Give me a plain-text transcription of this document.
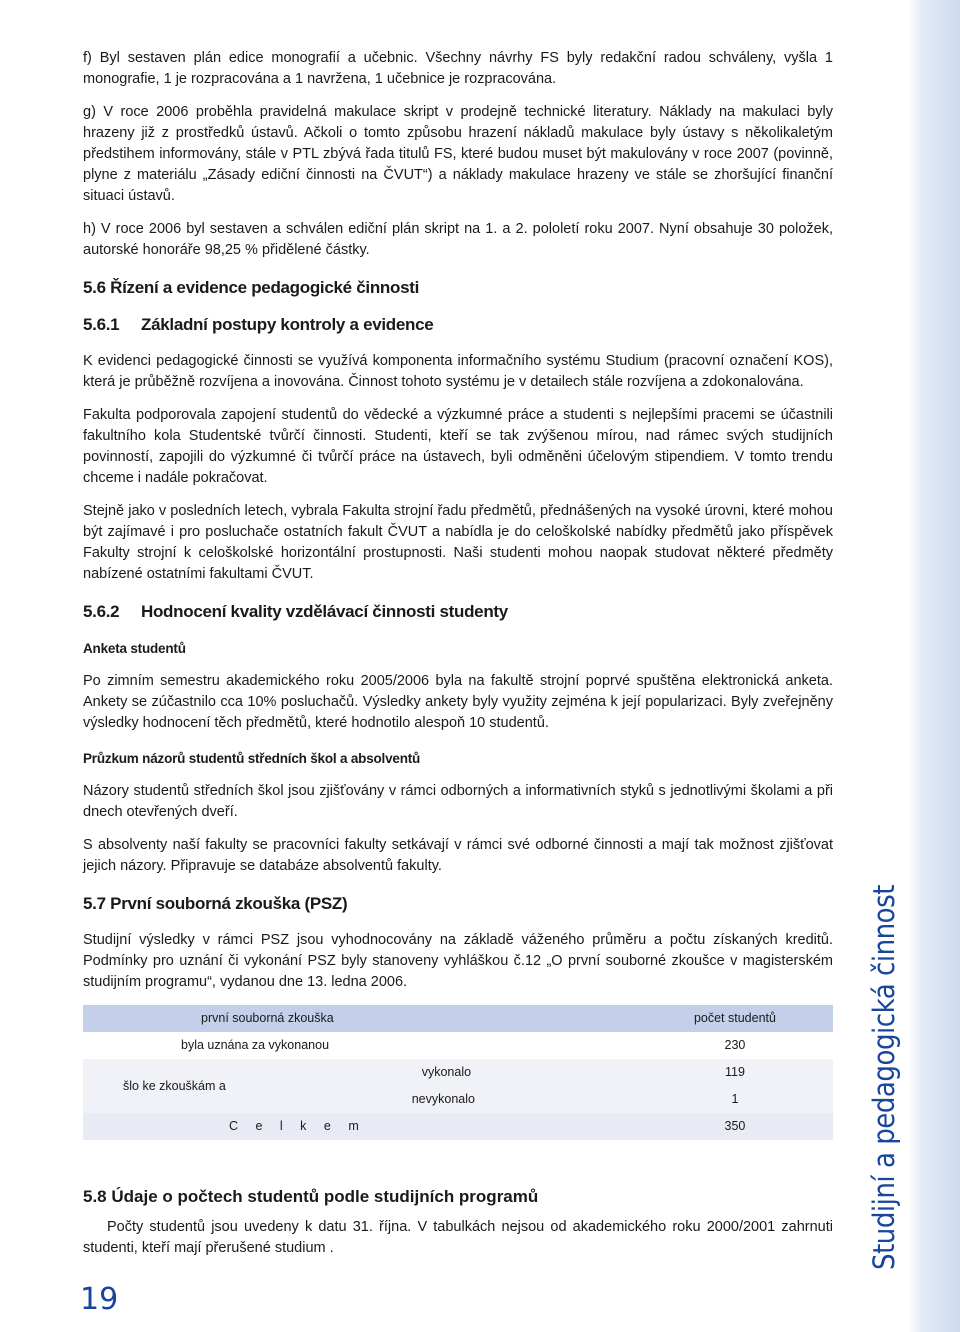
Studijní a pedagogická činnost
19

f) Byl sestaven plán edice monografií a učebnic. Všechny návrhy FS byly redakční radou schváleny, vyšla 1 monografie, 1 je rozpracována a 1 navržena, 1 učebnice je rozpracována.

g) V roce 2006 proběhla pravidelná makulace skript v prodejně technické literatury. Náklady na makulaci byly hrazeny již z prostředků ústavů. Ačkoli o tomto způsobu hrazení nákladů makulace byly ústavy s několikaletým předstihem informovány, stále v PTL zbývá řada titulů FS, které budou muset být makulovány v roce 2007 (povinně, plyne z materiálu „Zásady ediční činnosti na ČVUT“) a náklady makulace hrazeny ve stále se zhoršující finanční situaci ústavů.

h) V roce 2006 byl sestaven a schválen ediční plán skript na 1. a 2. pololetí roku 2007. Nyní obsahuje 30 položek, autorské honoráře 98,25 % přidělené částky.

5.6 Řízení a evidence pedagogické činnosti
5.6.1 Základní postupy kontroly a evidence

K evidenci pedagogické činnosti se využívá komponenta informačního systému Studium (pracovní označení KOS), která je průběžně rozvíjena a inovována. Činnost tohoto systému je v detailech stále rozvíjena a zdokonalována.

Fakulta podporovala zapojení studentů do vědecké a výzkumné práce a studenti s nejlepšími pracemi se účastnili fakultního kola Studentské tvůrčí činnosti. Studenti, kteří se tak zvýšenou mírou, nad rámec svých studijních povinností, zapojili do výzkumné či tvůrčí práce na ústavech, byli odměněni účelovým stipendiem. V tomto trendu chceme i nadále pokračovat.

Stejně jako v posledních letech, vybrala Fakulta strojní řadu předmětů, přednášených na vysoké úrovni, které mohou být zajímavé i pro posluchače ostatních fakult ČVUT a nabídla je do celoškolské nabídky předmětů jako příspěvek Fakulty strojní k celoškolské horizontální prostupnosti. Naši studenti mohou naopak studovat některé předměty nabízené ostatními fakultami ČVUT.

5.6.2 Hodnocení kvality vzdělávací činnosti studenty
Anketa studentů

Po zimním semestru akademického roku 2005/2006 byla na fakultě strojní poprvé spuštěna elektronická anketa. Ankety se zúčastnilo cca 10% posluchačů. Výsledky ankety byly využity zejména k její popularizaci. Byly zveřejněny výsledky hodnocení těch předmětů, které hodnotilo alespoň 10 studentů.

Průzkum názorů studentů středních škol a absolventů

Názory studentů středních škol jsou zjišťovány v rámci odborných a informativních styků s jednotlivými školami a při dnech otevřených dveří.

S absolventy naší fakulty se pracovníci fakulty setkávají v rámci své odborné činnosti a mají tak možnost zjišťovat jejich názory. Připravuje se databáze absolventů fakulty.

5.7 První souborná zkouška (PSZ)

Studijní výsledky v rámci PSZ jsou vyhodnocovány na základě váženého průměru a počtu získaných kreditů. Podmínky pro uznání či vykonání PSZ byly stanoveny vyhláškou č.12 „O první souborné zkoušce v magisterském studijním programu“, vydanou dne 13. ledna 2006.

první souborná zkouška		počet studentů
byla uznána za vykonanou		230
šlo ke zkouškám a	vykonalo	119
	nevykonalo	1
C e l k e m		350
5.8 Údaje o počtech studentů podle studijních programů

Počty studentů jsou uvedeny k datu 31. října. V tabulkách nejsou od akademického roku 2000/2001 zahrnuti studenti, kteří mají přerušené studium .
